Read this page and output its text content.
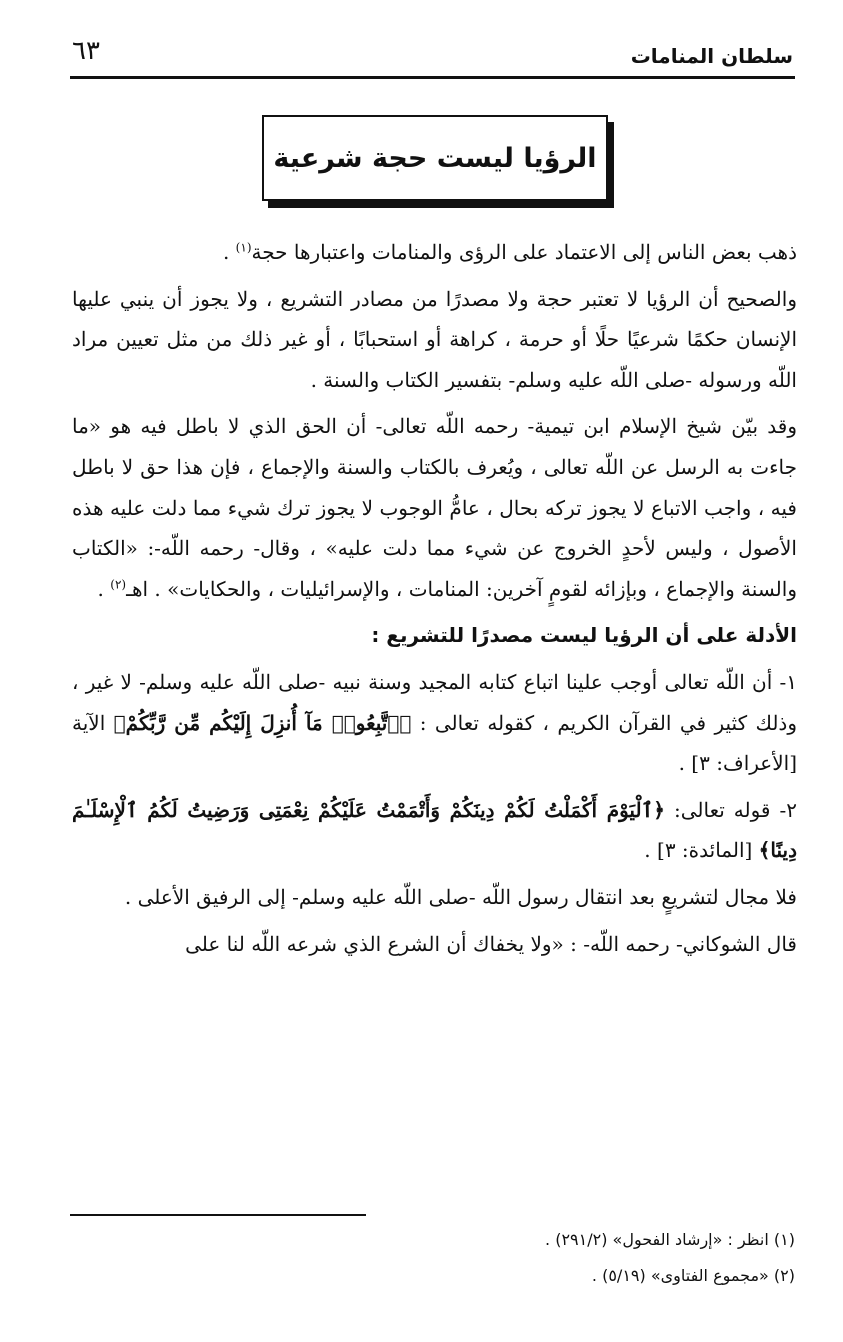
سلطان المنامات
٦٣
الرؤيا ليست حجة شرعية

ذهب بعض الناس إلى الاعتماد على الرؤى والمنامات واعتبارها حجة$^{(١)}$ .

والصحيح أن الرؤيا لا تعتبر حجة ولا مصدرًا من مصادر التشريع ، ولا يجوز أن ينبي عليها الإنسان حكمًا شرعيًا حلًا أو حرمة ، كراهة أو استحبابًا ، أو غير ذلك من مثل تعيين مراد اللّه ورسوله -صلى اللّه عليه وسلم- بتفسير الكتاب والسنة .

وقد بيّن شيخ الإسلام ابن تيمية- رحمه اللّه تعالى- أن الحق الذي لا باطل فيه هو «ما جاءت به الرسل عن اللّه تعالى ، ويُعرف بالكتاب والسنة والإجماع ، فإن هذا حق لا باطل فيه ، واجب الاتباع لا يجوز تركه بحال ، عامُّ الوجوب لا يجوز ترك شيء مما دلت عليه هذه الأصول ، وليس لأحدٍ الخروج عن شيء مما دلت عليه» ، وقال- رحمه اللّه-: «الكتاب والسنة والإجماع ، وبإزائه لقومٍ آخرين: المنامات ، والإسرائيليات ، والحكايات» . اهـ$^{(٢)}$ .

الأدلة على أن الرؤيا ليست مصدرًا للتشريع :

١- أن اللّه تعالى أوجب علينا اتباع كتابه المجيد وسنة نبيه -صلى اللّه عليه وسلم- لا غير ، وذلك كثير في القرآن الكريم ، كقوله تعالى : ﴿ٱتَّبِعُوا۟ مَآ أُنزِلَ إِلَيْكُم مِّن رَّبِّكُمْ﴾ الآية [الأعراف: ٣] .

٢- قوله تعالى: ﴿ٱلْيَوْمَ أَكْمَلْتُ لَكُمْ دِينَكُمْ وَأَتْمَمْتُ عَلَيْكُمْ نِعْمَتِى وَرَضِيتُ لَكُمُ ٱلْإِسْلَـٰمَ دِينًا﴾ [المائدة: ٣] .

فلا مجال لتشريعٍ بعد انتقال رسول اللّه -صلى اللّه عليه وسلم- إلى الرفيق الأعلى .

قال الشوكاني- رحمه اللّه- : «ولا يخفاك أن الشرع الذي شرعه اللّه لنا على

(١) انظر : «إرشاد الفحول» (٢٩١/٢) .
(٢) «مجموع الفتاوى» (٥/١٩) .
